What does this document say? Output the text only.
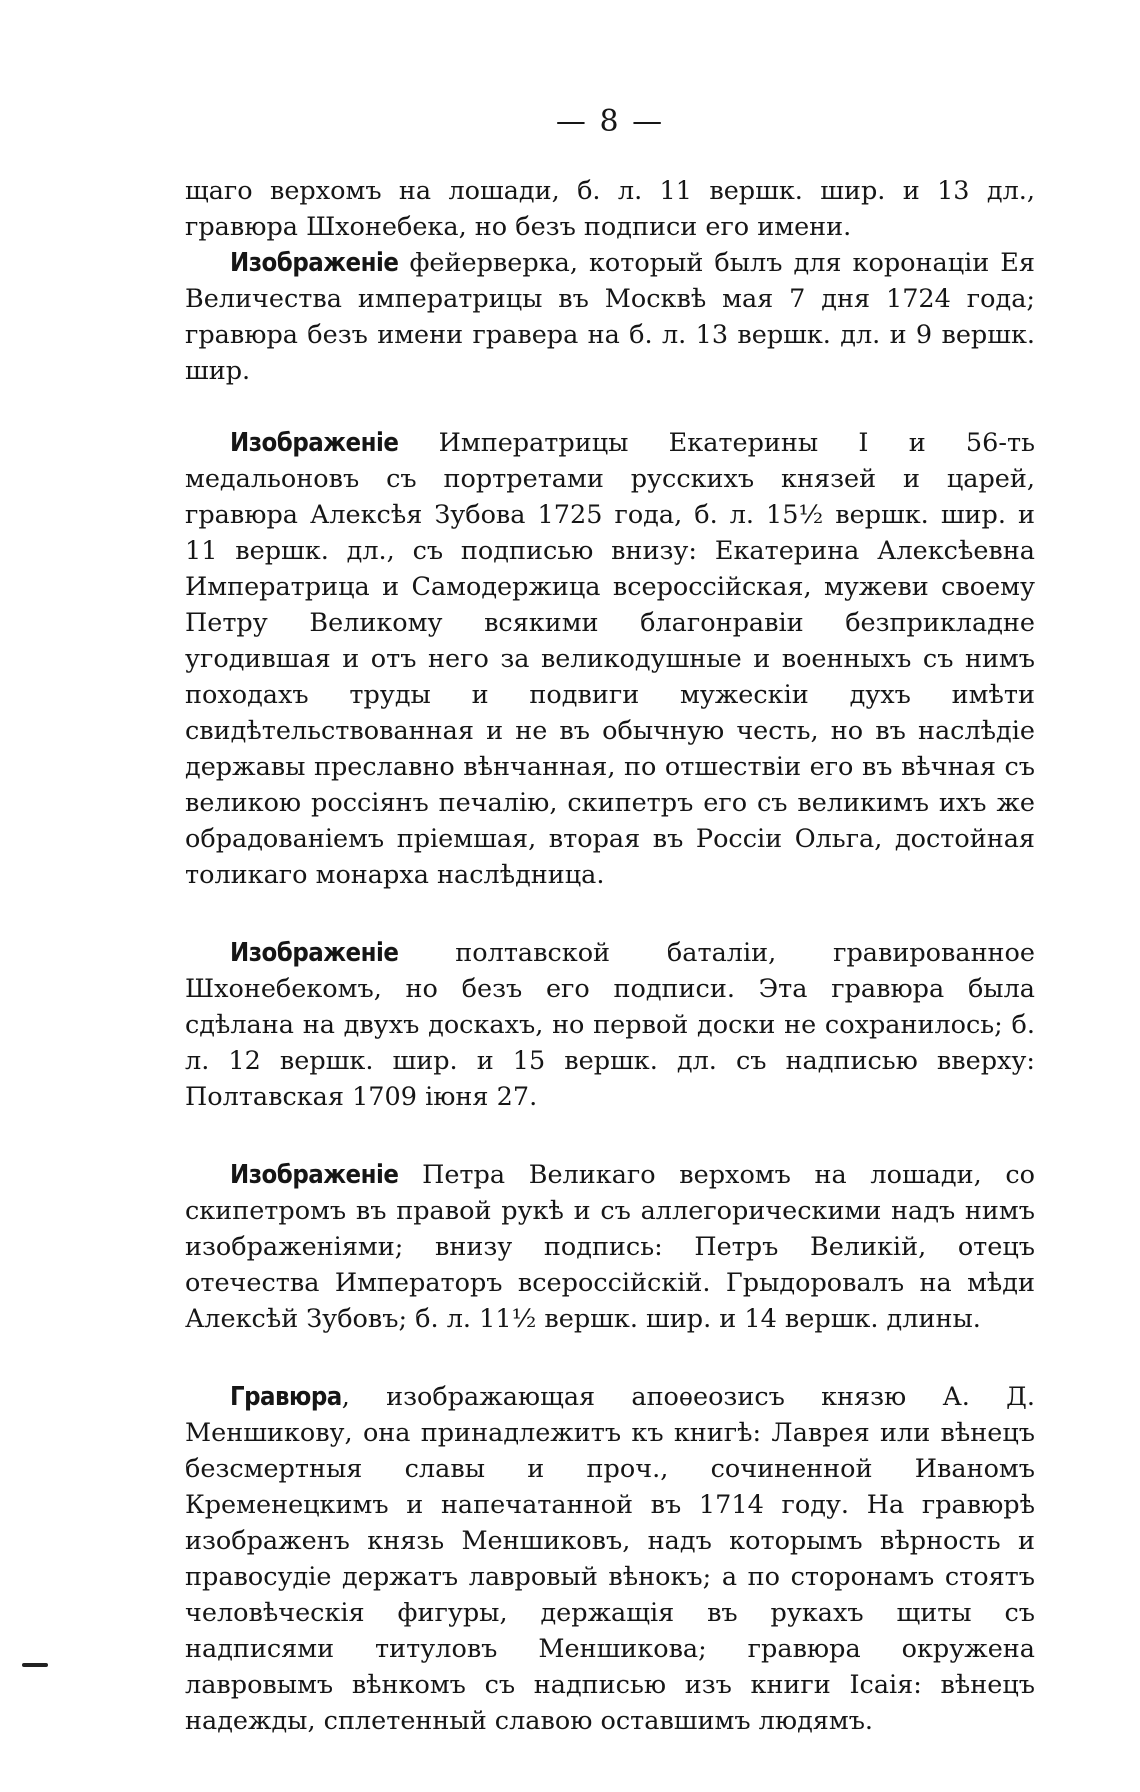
— 8 —

щаго верхомъ на лошади, б. л. 11 вершк. шир. и 13 дл., гравюра Шхонебека, но безъ подписи его имени.

Изображеніе фейерверка, который былъ для коронаціи Ея Величества императрицы въ Москвѣ мая 7 дня 1724 года; гравюра безъ имени гравера на б. л. 13 вершк. дл. и 9 вершк. шир.

Изображеніе Императрицы Екатерины I и 56-ть медальоновъ съ портретами русскихъ князей и царей, гравюра Алексѣя Зубова 1725 года, б. л. 15½ вершк. шир. и 11 вершк. дл., съ подписью внизу: Екатерина Алексѣевна Императрица и Самодержица всероссійская, мужеви своему Петру Великому всякими благонравіи безприкладне угодившая и отъ него за великодушные и военныхъ съ нимъ походахъ труды и подвиги мужескіи духъ имѣти свидѣтельствованная и не въ обычную честь, но въ наслѣдіе державы преславно вѣнчанная, по отшествіи его въ вѣчная съ великою россіянъ печалію, скипетръ его съ великимъ ихъ же обрадованіемъ пріемшая, вторая въ Россіи Ольга, достойная толикаго монарха наслѣдница.

Изображеніе полтавской баталіи, гравированное Шхонебекомъ, но безъ его подписи. Эта гравюра была сдѣлана на двухъ доскахъ, но первой доски не сохранилось; б. л. 12 вершк. шир. и 15 вершк. дл. съ надписью вверху: Полтавская 1709 іюня 27.

Изображеніе Петра Великаго верхомъ на лошади, со скипетромъ въ правой рукѣ и съ аллегорическими надъ нимъ изображеніями; внизу подпись: Петръ Великій, отецъ отечества Императоръ всероссійскій. Грыдоровалъ на мѣди Алексѣй Зубовъ; б. л. 11½ вершк. шир. и 14 вершк. длины.

Гравюра, изображающая апоѳеозисъ князю А. Д. Меншикову, она принадлежитъ къ книгѣ: Лаврея или вѣнецъ безсмертныя славы и проч., сочиненной Иваномъ Кременецкимъ и напечатанной въ 1714 году. На гравюрѣ изображенъ князь Меншиковъ, надъ которымъ вѣрность и правосудіе держатъ лавровый вѣнокъ; а по сторонамъ стоятъ человѣческія фигуры, держащія въ рукахъ щиты съ надписями титуловъ Меншикова; гравюра окружена лавровымъ вѣнкомъ съ надписью изъ книги Ісаія: вѣнецъ надежды, сплетенный славою оставшимъ людямъ.
